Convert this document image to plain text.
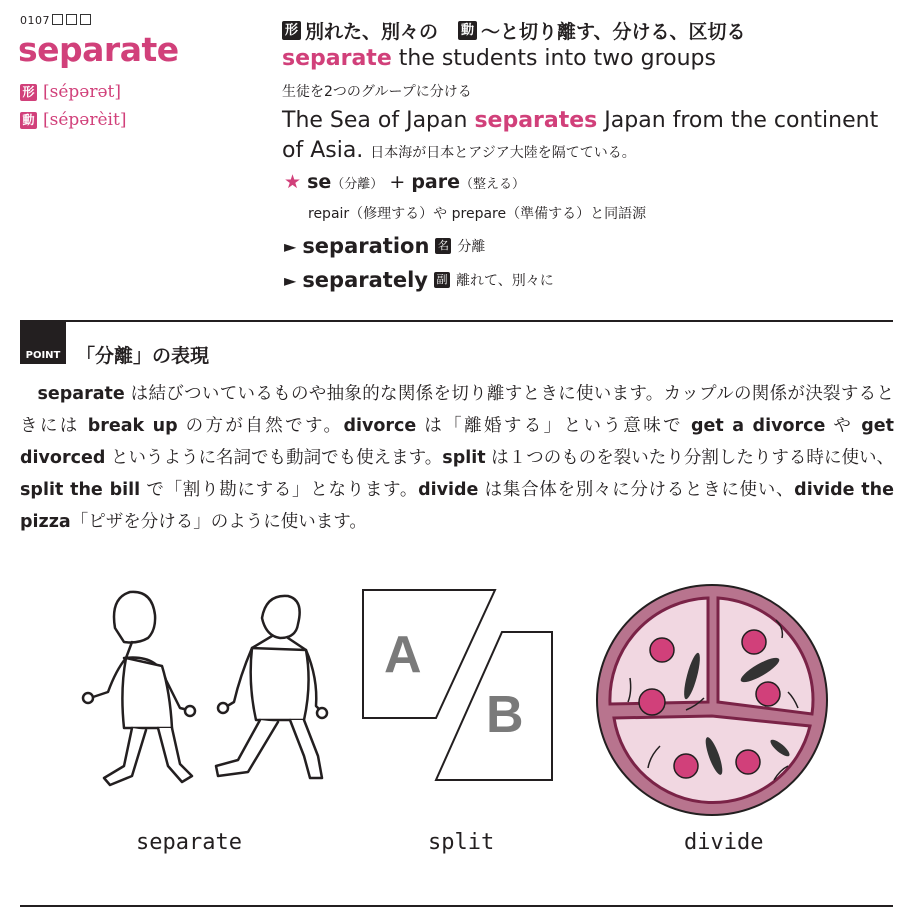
0107
separate
形 [sépərət]
動 [sépərèit]
形 別れた、別々の 動 〜と切り離す、分ける、区切る
separate the students into two groups
生徒を2つのグループに分ける
The Sea of Japan separates Japan from the continent of Asia. 日本海が日本とアジア大陸を隔てている。
★ se（分離） + pare（整える）
repair（修理する）や prepare（準備する）と同語源
► separation 名 分離
► separately 副 離れて、別々に
POINT 「分離」の表現

 separate は結びついているものや抽象的な関係を切り離すときに使います。カップルの関係が決裂するときには break up の方が自然です。divorce は「離婚する」という意味で get a divorce や get divorced というように名詞でも動詞でも使えます。split は１つのものを裂いたり分割したりする時に使い、split the bill で「割り勘にする」となります。divide は集合体を別々に分けるときに使い、divide the pizza「ピザを分ける」のように使います。

A
B
separate	split	divide
